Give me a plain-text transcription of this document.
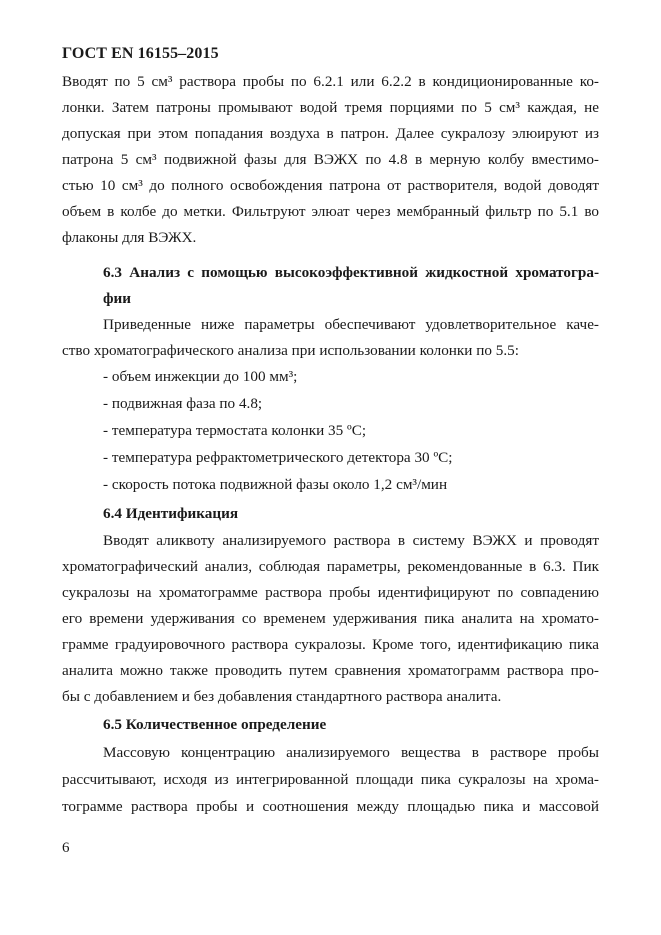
ГОСТ EN 16155–2015
Вводят по 5 см³ раствора пробы по 6.2.1 или 6.2.2 в кондиционированные ко-
лонки. Затем патроны промывают водой тремя порциями по 5 см³ каждая, не
допуская при этом попадания воздуха в патрон. Далее сукралозу элюируют из
патрона 5 см³ подвижной фазы для ВЭЖХ по 4.8 в мерную колбу вместимо-
стью 10 см³ до полного освобождения патрона от растворителя, водой доводят
объем в колбе до метки. Фильтруют элюат через мембранный фильтр по 5.1 во
флаконы для ВЭЖХ.
6.3 Анализ с помощью высокоэффективной жидкостной хроматогра-
фии
Приведенные ниже параметры обеспечивают удовлетворительное каче-
ство хроматографического анализа при использовании колонки по 5.5:
- объем инжекции до 100 мм³;
- подвижная фаза по 4.8;
- температура термостата колонки 35 ºС;
- температура рефрактометрического детектора 30 ºС;
- скорость потока подвижной фазы около 1,2 см³/мин
6.4 Идентификация
Вводят аликвоту анализируемого раствора в систему ВЭЖХ и проводят
хроматографический анализ, соблюдая параметры, рекомендованные в 6.3. Пик
сукралозы на хроматограмме раствора пробы идентифицируют по совпадению
его времени удерживания со временем удерживания пика аналита на хромато-
грамме градуировочного раствора сукралозы. Кроме того, идентификацию пика
аналита можно также проводить путем сравнения хроматограмм раствора про-
бы с добавлением и без добавления стандартного раствора аналита.
6.5 Количественное определение
Массовую концентрацию анализируемого вещества в растворе пробы
рассчитывают, исходя из интегрированной площади пика сукралозы на хрома-
тограмме раствора пробы и соотношения между площадью пика и массовой
6
